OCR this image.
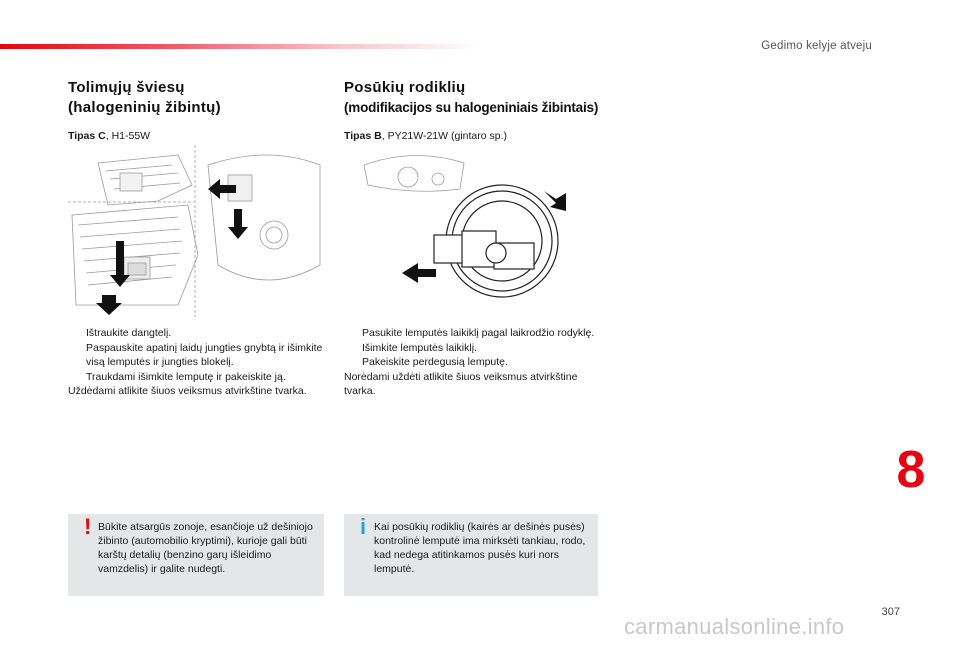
Gedimo kelyje atveju
Tolimųjų šviesų
(halogeninių žibintų)
Tipas C, H1-55W
Ištraukite dangtelį.
Paspauskite apatinį laidų jungties gnybtą ir išimkite visą lemputės ir jungties blokelį.
Traukdami išimkite lemputę ir pakeiskite ją.
Uždėdami atlikite šiuos veiksmus atvirkštine tvarka.
Posūkių rodiklių
(modifikacijos su halogeniniais žibintais)
Tipas B, PY21W-21W (gintaro sp.)
Pasukite lemputės laikiklį pagal laikrodžio rodyklę.
Išimkite lemputės laikiklį.
Pakeiskite perdegusią lemputę.
Norėdami uždėti atlikite šiuos veiksmus atvirkštine tvarka.
! Būkite atsargūs zonoje, esančioje už dešiniojo žibinto (automobilio kryptimi), kurioje gali būti karštų detalių (benzino garų išleidimo vamzdelis) ir galite nudegti.
i Kai posūkių rodiklių (kairės ar dešinės pusės) kontrolinė lemputė ima mirksėti tankiau, rodo, kad nedega atitinkamos pusės kuri nors lemputė.
8
307
carmanualsonline.info
